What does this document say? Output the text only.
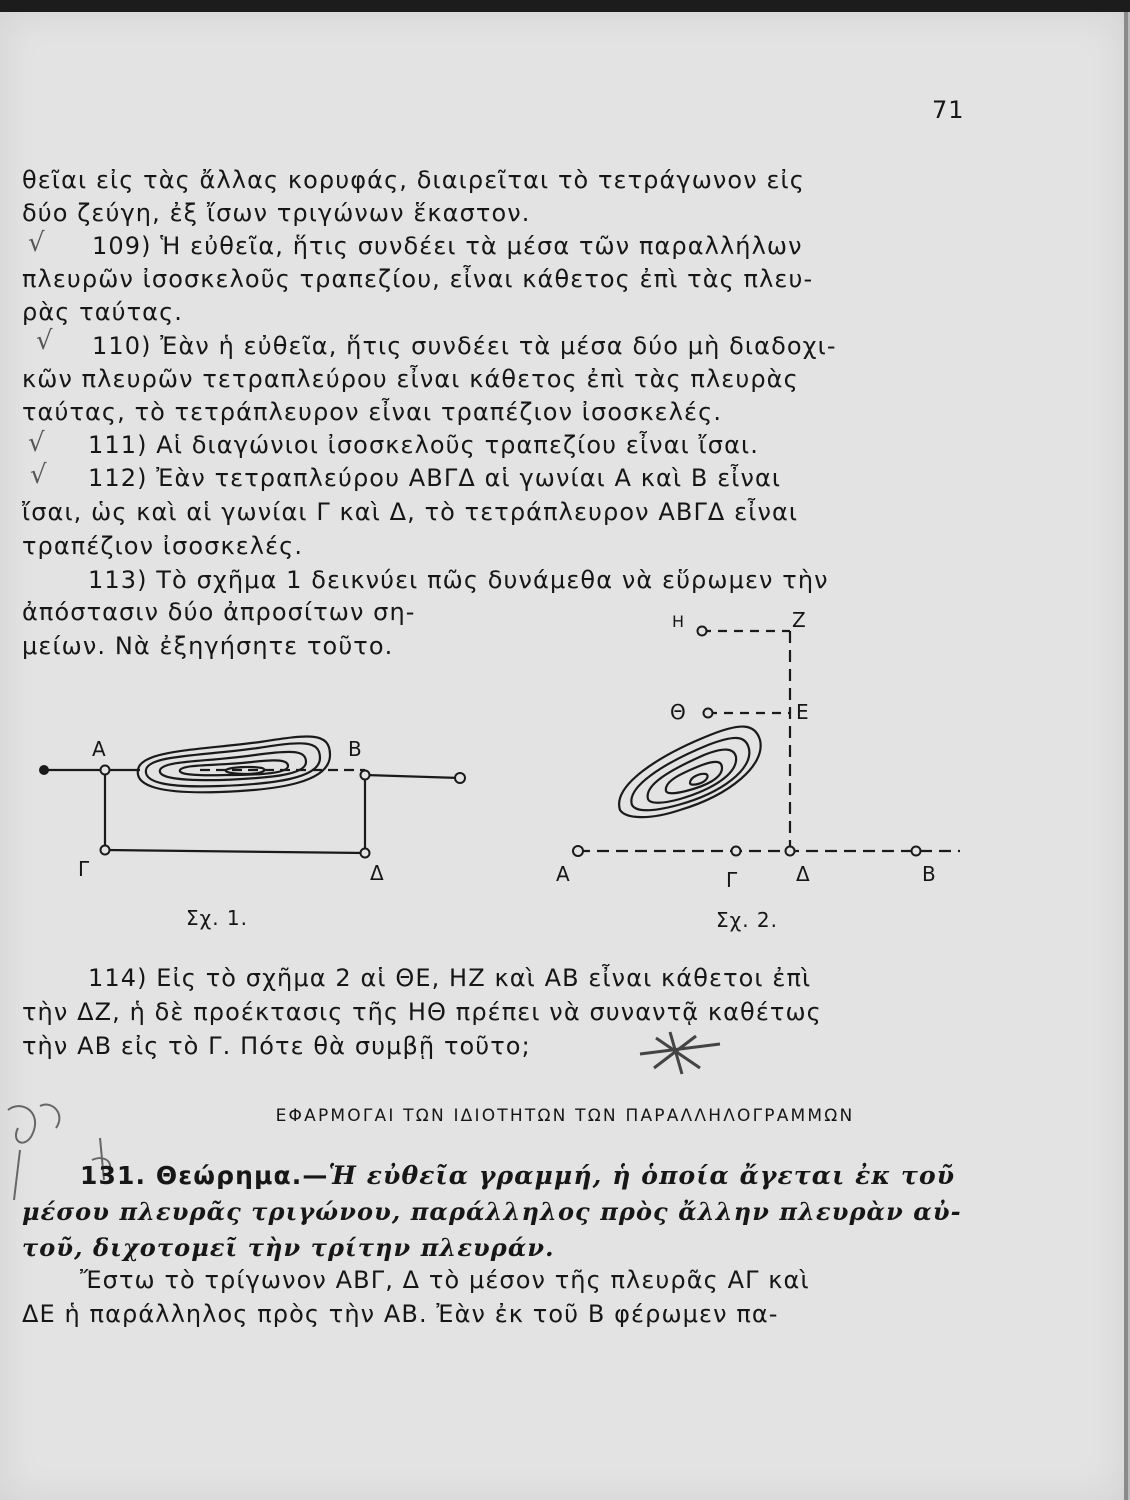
71
θεῖαι εἰς τὰς ἄλλας κορυφάς, διαιρεῖται τὸ τετράγωνον εἰς
δύο ζεύγη, ἐξ ἴσων τριγώνων ἕκαστον.
109) Ἡ εὐθεῖα, ἥτις συνδέει τὰ μέσα τῶν παραλλήλων
πλευρῶν ἰσοσκελοῦς τραπεζίου, εἶναι κάθετος ἐπὶ τὰς πλευ-
ρὰς ταύτας.
110) Ἐὰν ἡ εὐθεῖα, ἥτις συνδέει τὰ μέσα δύο μὴ διαδοχι-
κῶν πλευρῶν τετραπλεύρου εἶναι κάθετος ἐπὶ τὰς πλευρὰς
ταύτας, τὸ τετράπλευρον εἶναι τραπέζιον ἰσοσκελές.
111) Αἱ διαγώνιοι ἰσοσκελοῦς τραπεζίου εἶναι ἴσαι.
112) Ἐὰν τετραπλεύρου ΑΒΓΔ αἱ γωνίαι Α καὶ Β εἶναι
ἴσαι, ὡς καὶ αἱ γωνίαι Γ καὶ Δ, τὸ τετράπλευρον ΑΒΓΔ εἶναι
τραπέζιον ἰσοσκελές.
113) Τὸ σχῆμα 1 δεικνύει πῶς δυνάμεθα νὰ εὕρωμεν τὴν
ἀπόστασιν δύο ἀπροσίτων ση-
μείων. Νὰ ἐξηγήσητε τοῦτο.
√
√
√
√
Α	Β
Γ	Δ
Σχ. 1.
Η	Ζ
Θ	Ε
Α	Γ	Δ	Β
Σχ. 2.
114) Εἰς τὸ σχῆμα 2 αἱ ΘΕ, ΗΖ καὶ ΑΒ εἶναι κάθετοι ἐπὶ
τὴν ΔΖ, ἡ δὲ προέκτασις τῆς ΗΘ πρέπει νὰ συναντᾷ καθέτως
τὴν ΑΒ εἰς τὸ Γ. Πότε θὰ συμβῇ τοῦτο;
ΕΦΑΡΜΟΓΑΙ ΤΩΝ ΙΔΙΟΤΗΤΩΝ ΤΩΝ ΠΑΡΑΛΛΗΛΟΓΡΑΜΜΩΝ
131. Θεώρημα.—Ἡ εὐθεῖα γραμμή, ἡ ὁποία ἄγεται ἐκ τοῦ
μέσου πλευρᾶς τριγώνου, παράλληλος πρὸς ἄλλην πλευρὰν αὐ-
τοῦ, διχοτομεῖ τὴν τρίτην πλευράν.
Ἔστω τὸ τρίγωνον ΑΒΓ, Δ τὸ μέσον τῆς πλευρᾶς ΑΓ καὶ
ΔΕ ἡ παράλληλος πρὸς τὴν ΑΒ. Ἐὰν ἐκ τοῦ Β φέρωμεν πα-
